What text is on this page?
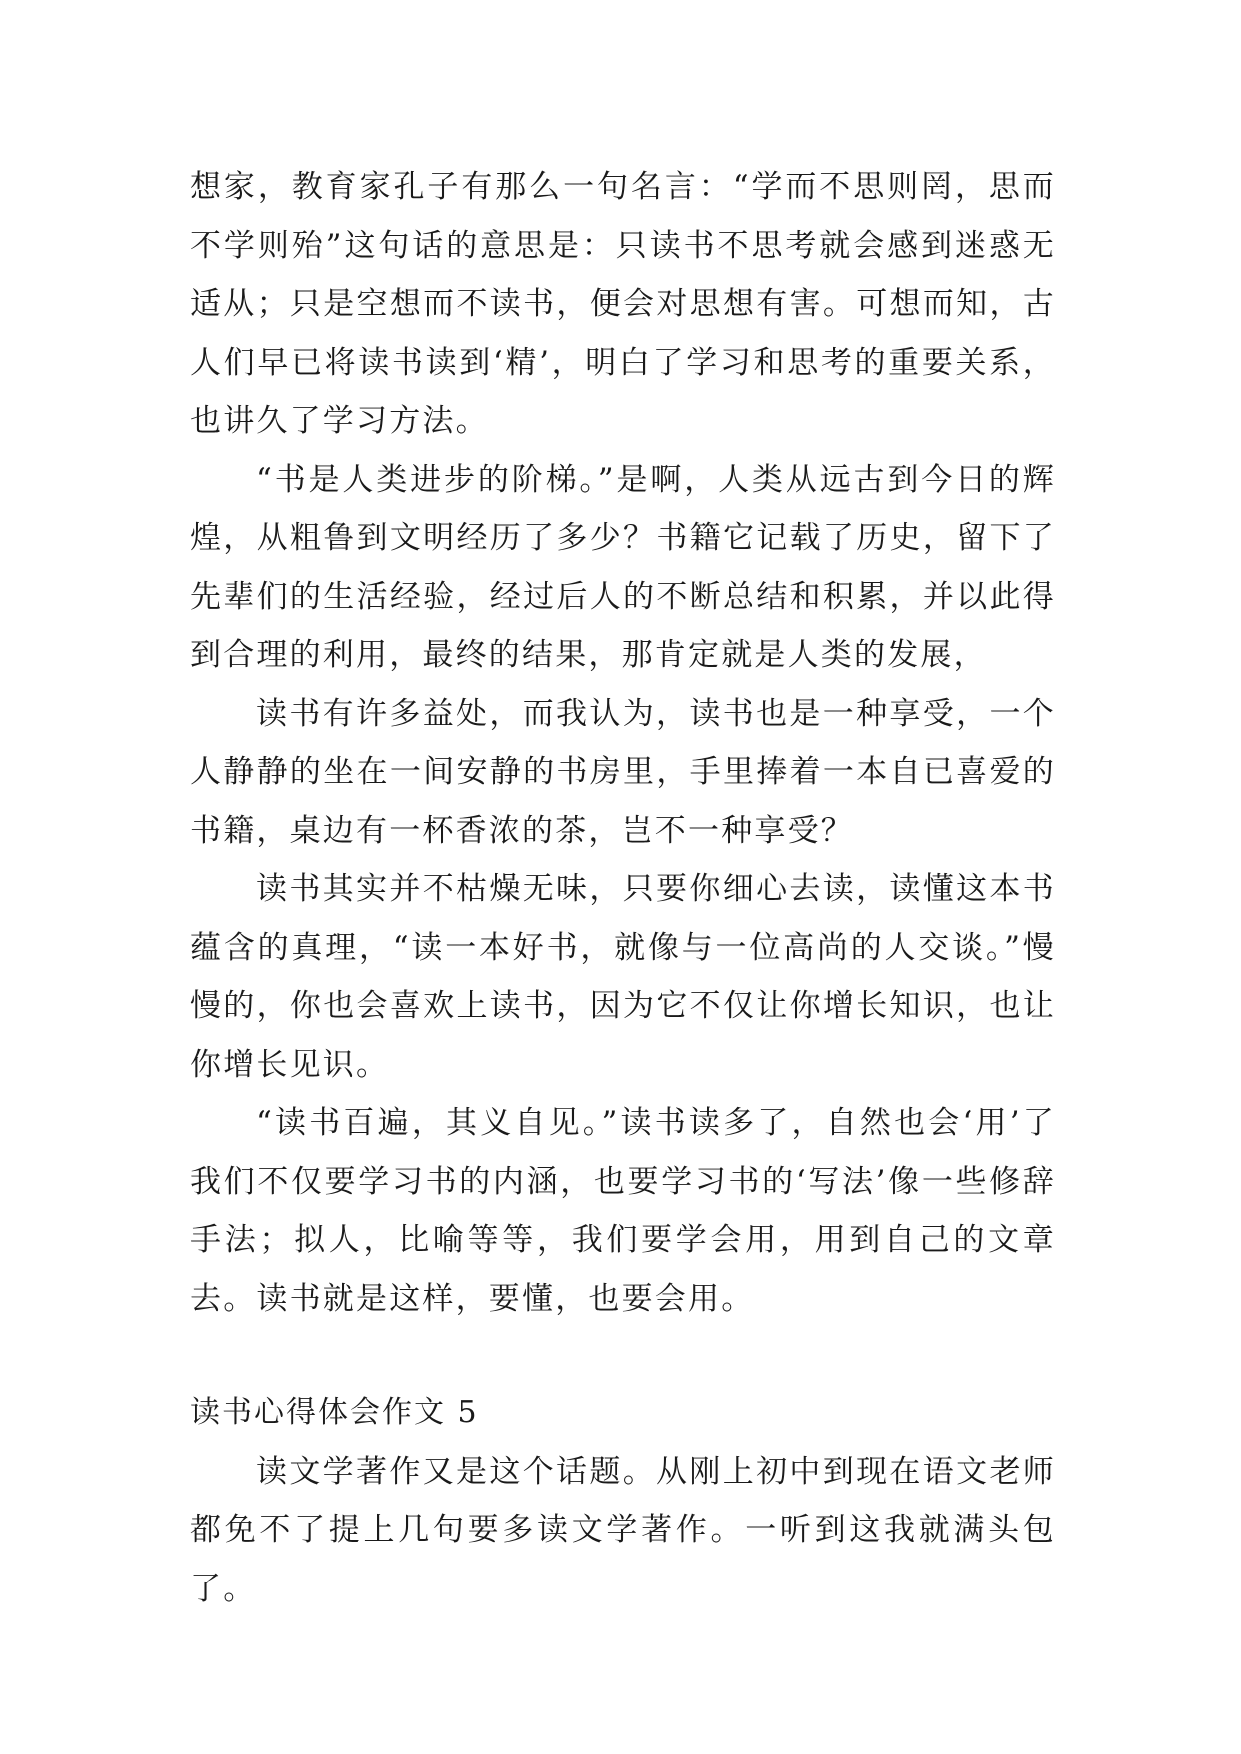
想家，教育家孔子有那么一句名言：“学而不思则罔，思而不学则殆”这句话的意思是：只读书不思考就会感到迷惑无适从；只是空想而不读书，便会对思想有害。可想而知，古人们早已将读书读到‘精’，明白了学习和思考的重要关系，也讲久了学习方法。

“书是人类进步的阶梯。”是啊，人类从远古到今日的辉煌，从粗鲁到文明经历了多少？书籍它记载了历史，留下了先辈们的生活经验，经过后人的不断总结和积累，并以此得到合理的利用，最终的结果，那肯定就是人类的发展，

读书有许多益处，而我认为，读书也是一种享受，一个人静静的坐在一间安静的书房里，手里捧着一本自已喜爱的书籍，桌边有一杯香浓的茶，岂不一种享受？

读书其实并不枯燥无味，只要你细心去读，读懂这本书蕴含的真理，“读一本好书，就像与一位高尚的人交谈。”慢慢的，你也会喜欢上读书，因为它不仅让你增长知识，也让你增长见识。

“读书百遍，其义自见。”读书读多了，自然也会‘用’了我们不仅要学习书的内涵，也要学习书的‘写法’像一些修辞手法；拟人，比喻等等，我们要学会用，用到自己的文章去。读书就是这样，要懂，也要会用。

读书心得体会作文 5

读文学著作又是这个话题。从刚上初中到现在语文老师都免不了提上几句要多读文学著作。一听到这我就满头包了。
